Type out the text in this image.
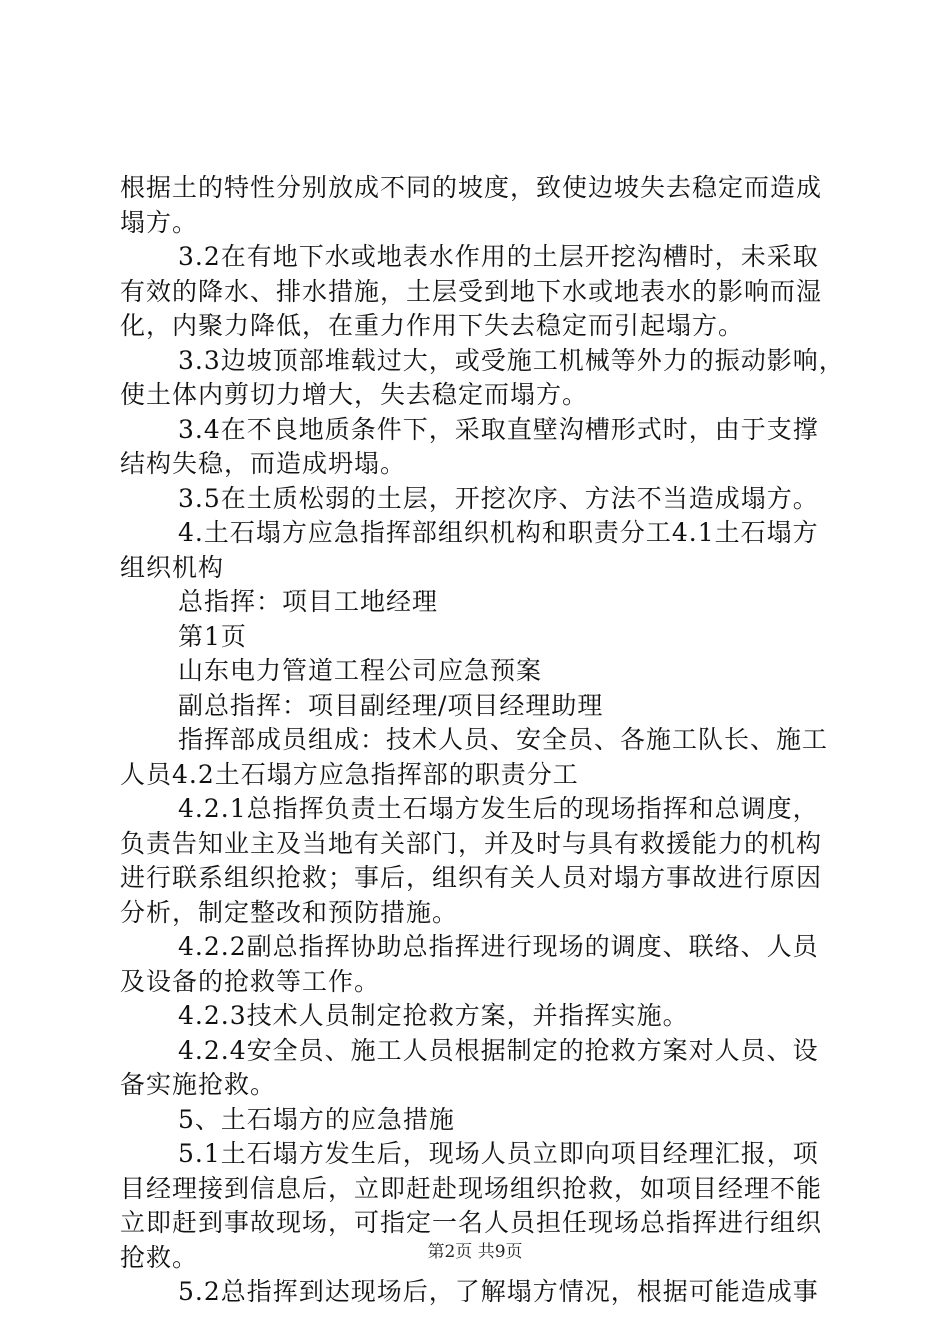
根据土的特性分别放成不同的坡度，致使边坡失去稳定而造成
塌方。
3.2在有地下水或地表水作用的土层开挖沟槽时，未采取
有效的降水、排水措施，土层受到地下水或地表水的影响而湿
化，内聚力降低，在重力作用下失去稳定而引起塌方。
3.3边坡顶部堆载过大，或受施工机械等外力的振动影响，
使土体内剪切力增大，失去稳定而塌方。
3.4在不良地质条件下，采取直壁沟槽形式时，由于支撑
结构失稳，而造成坍塌。
3.5在土质松弱的土层，开挖次序、方法不当造成塌方。
4.土石塌方应急指挥部组织机构和职责分工4.1土石塌方
组织机构
总指挥：项目工地经理
第1页
山东电力管道工程公司应急预案
副总指挥：项目副经理/项目经理助理
指挥部成员组成：技术人员、安全员、各施工队长、施工
人员4.2土石塌方应急指挥部的职责分工
4.2.1总指挥负责土石塌方发生后的现场指挥和总调度，
负责告知业主及当地有关部门，并及时与具有救援能力的机构
进行联系组织抢救；事后，组织有关人员对塌方事故进行原因
分析，制定整改和预防措施。
4.2.2副总指挥协助总指挥进行现场的调度、联络、人员
及设备的抢救等工作。
4.2.3技术人员制定抢救方案，并指挥实施。
4.2.4安全员、施工人员根据制定的抢救方案对人员、设
备实施抢救。
5、土石塌方的应急措施
5.1土石塌方发生后，现场人员立即向项目经理汇报，项
目经理接到信息后，立即赶赴现场组织抢救，如项目经理不能
立即赶到事故现场，可指定一名人员担任现场总指挥进行组织
抢救。
5.2总指挥到达现场后，了解塌方情况，根据可能造成事
第2页 共9页
